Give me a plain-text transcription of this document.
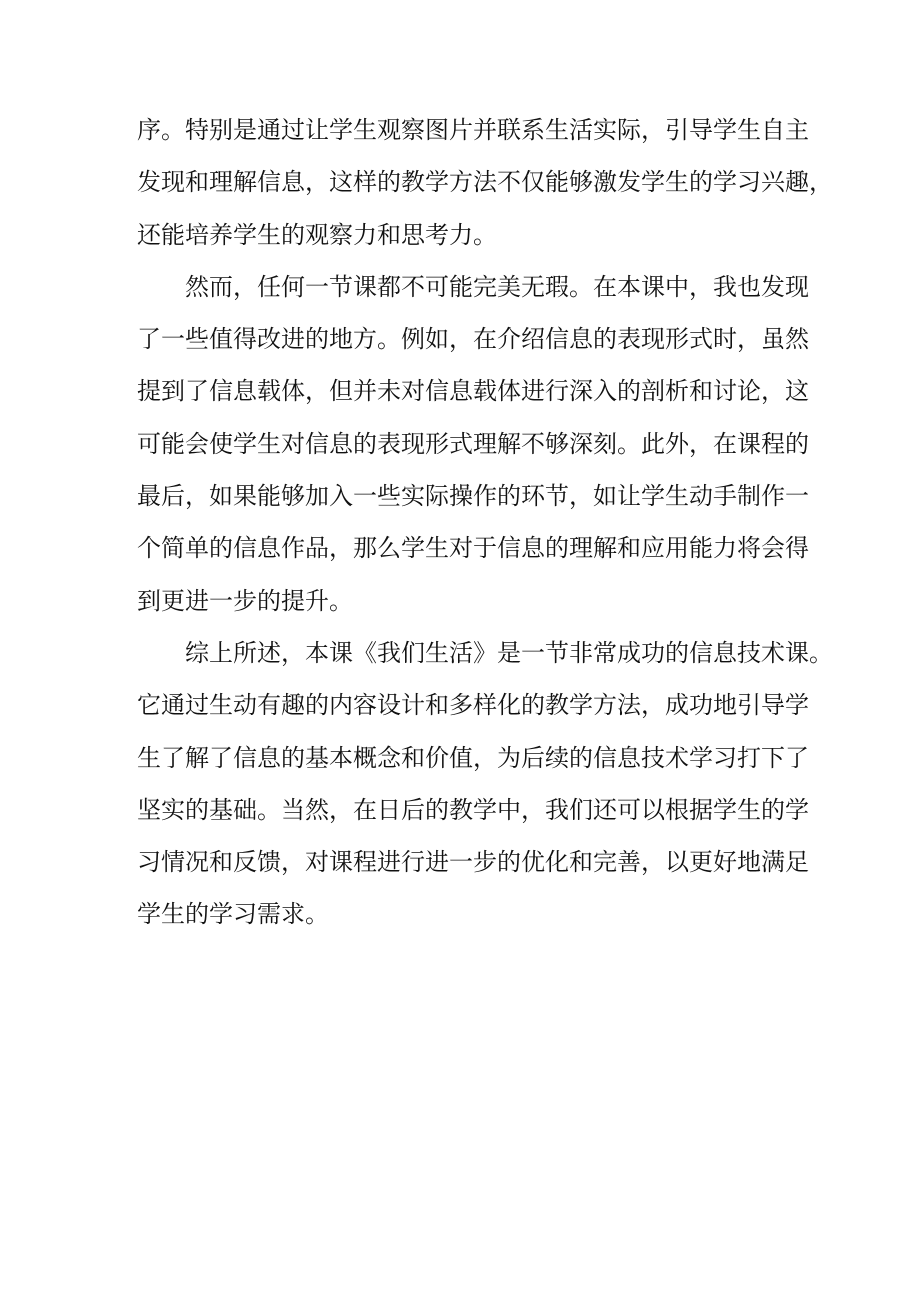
序。特别是通过让学生观察图片并联系生活实际，引导学生自主
发现和理解信息，这样的教学方法不仅能够激发学生的学习兴趣，
还能培养学生的观察力和思考力。
然而，任何一节课都不可能完美无瑕。在本课中，我也发现
了一些值得改进的地方。例如，在介绍信息的表现形式时，虽然
提到了信息载体，但并未对信息载体进行深入的剖析和讨论，这
可能会使学生对信息的表现形式理解不够深刻。此外，在课程的
最后，如果能够加入一些实际操作的环节，如让学生动手制作一
个简单的信息作品，那么学生对于信息的理解和应用能力将会得
到更进一步的提升。
综上所述，本课《我们生活》是一节非常成功的信息技术课。
它通过生动有趣的内容设计和多样化的教学方法，成功地引导学
生了解了信息的基本概念和价值，为后续的信息技术学习打下了
坚实的基础。当然，在日后的教学中，我们还可以根据学生的学
习情况和反馈，对课程进行进一步的优化和完善，以更好地满足
学生的学习需求。
